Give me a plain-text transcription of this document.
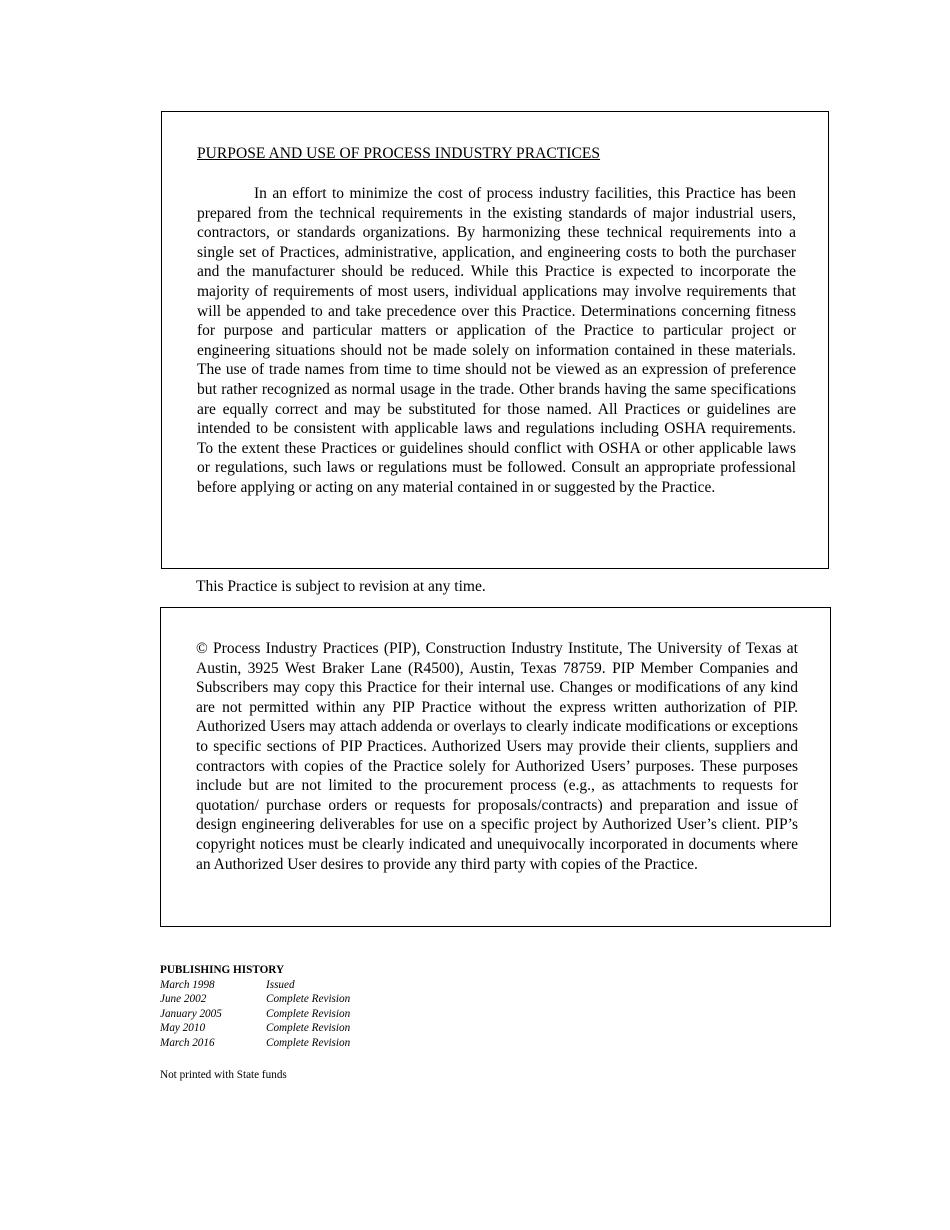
PURPOSE AND USE OF PROCESS INDUSTRY PRACTICES

In an effort to minimize the cost of process industry facilities, this Practice has been prepared from the technical requirements in the existing standards of major industrial users, contractors, or standards organizations. By harmonizing these technical requirements into a single set of Practices, administrative, application, and engineering costs to both the purchaser and the manufacturer should be reduced. While this Practice is expected to incorporate the majority of requirements of most users, individual applications may involve requirements that will be appended to and take precedence over this Practice. Determinations concerning fitness for purpose and particular matters or application of the Practice to particular project or engineering situations should not be made solely on information contained in these materials. The use of trade names from time to time should not be viewed as an expression of preference but rather recognized as normal usage in the trade. Other brands having the same specifications are equally correct and may be substituted for those named. All Practices or guidelines are intended to be consistent with applicable laws and regulations including OSHA requirements. To the extent these Practices or guidelines should conflict with OSHA or other applicable laws or regulations, such laws or regulations must be followed. Consult an appropriate professional before applying or acting on any material contained in or suggested by the Practice.

This Practice is subject to revision at any time.

© Process Industry Practices (PIP), Construction Industry Institute, The University of Texas at Austin, 3925 West Braker Lane (R4500), Austin, Texas 78759. PIP Member Companies and Subscribers may copy this Practice for their internal use. Changes or modifications of any kind are not permitted within any PIP Practice without the express written authorization of PIP. Authorized Users may attach addenda or overlays to clearly indicate modifications or exceptions to specific sections of PIP Practices. Authorized Users may provide their clients, suppliers and contractors with copies of the Practice solely for Authorized Users’ purposes. These purposes include but are not limited to the procurement process (e.g., as attachments to requests for quotation/ purchase orders or requests for proposals/contracts) and preparation and issue of design engineering deliverables for use on a specific project by Authorized User’s client. PIP’s copyright notices must be clearly indicated and unequivocally incorporated in documents where an Authorized User desires to provide any third party with copies of the Practice.

PUBLISHING HISTORY
March 1998	Issued
June 2002	Complete Revision
January 2005	Complete Revision
May 2010	Complete Revision
March 2016	Complete Revision
Not printed with State funds
